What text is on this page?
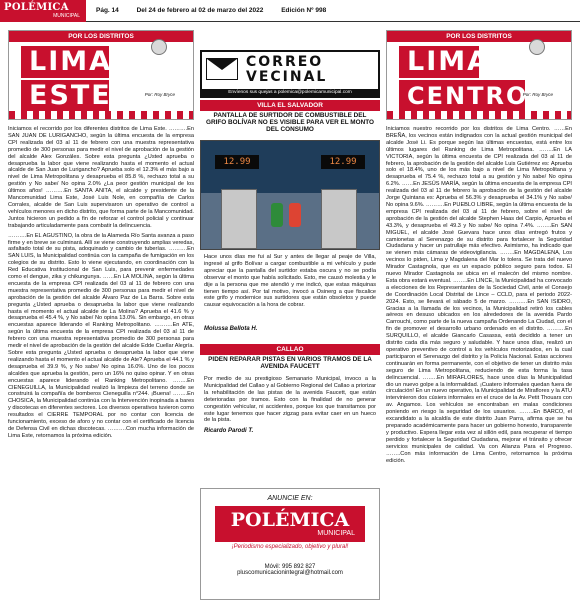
POLÉMICA
MUNICIPAL
Pág. 14	Del 24 de febrero al 02 de marzo del 2022	Edición Nº 998
POR LOS DISTRITOS
LIMA
ESTE	Por: Roy Bryce

Iniciamos el recorrido por los diferentes distritos de Lima Este. ……….En SAN JUAN DE LURIGANCHO, según la última encuesta de la empresa CPI realizada del 03 al 11 de febrero con una muestra representativa promedio de 300 personas para medir el nivel de aprobación de la gestión del alcalde Alex Gonzáles. Sobre esta pregunta ¿Usted aprueba o desaprueba la labor que viene realizando hasta el momento el actual alcalde de San Juan de Lurigancho? Aprueba solo el 12.3% el más bajo a nivel de Lima Metropolitana y desaprueba el 85.8 %, rechazo total a su gestión y No sabe/ No opina 2.0% ¿La peor gestión municipal de los últimos años! ……….En SANTA ANITA, el alcalde y presidente de la Mancomunidad Lima Este, José Luis Nole, en compañía de Carlos Corrales, alcalde de San Luis supervisaron un operativo de control a vehículos menores en dicho distrito, que forma parte de la Mancomunidad. Juntos hicieron un pedido a fin de reforzar el control policial y continuar trabajando articuladamente para combatir la delincuencia.

……….En EL AGUSTINO, la obra de la Alameda Río Santa avanza a paso firme y en breve se culminará. Allí se viene construyendo amplias veredas, asfaltado total de su pista, adoquinado y cambio de tuberías. ……….En SAN LUIS, la Municipalidad continúa con la campaña de fumigación en los colegios de su distrito. Esto lo viene ejecutando, en coordinación con la Red Educativa Institucional de San Luis, para prevenir enfermedades como el dengue, zika y chikungunya. ……En LA MOLINA, según la última encuesta de la empresa CPI realizada del 03 al 11 de febrero con una muestra representativa promedio de 300 personas para medir el nivel de aprobación de la gestión del alcalde Álvaro Paz de La Barra. Sobre esta pregunta ¿Usted aprueba o desaprueba la labor que viene realizando hasta el momento el actual alcalde de La Molina? Aprueba el 41.6 % y desaprueba el 45.4 %, y No sabe/ No opina 13.0%. Sin embargo, en otras encuestas aparece liderando el Ranking Metropolitano. ……….En ATE, según la última encuesta de la empresa CPI realizada del 03 al 11 de febrero con una muestra representativa promedio de 300 personas para medir el nivel de aprobación de la gestión del alcalde Edde Cuellar Alegría. Sobre esta pregunta ¿Usted aprueba o desaprueba la labor que viene realizando hasta el momento el actual alcalde de Ate? Aprueba el 44.1 % y desaprueba el 39.9 %, y No sabe/ No opina 16.0%. Uno de los pocos alcaldes que aprueba la gestión, pero un 16% no quiso opinar. Y en otras encuestas aparece liderando el Ranking Metropolitano. ……..En CIENEGUILLA, la Municipalidad realizó la limpieza del terreno donde se construirá la compañía de bomberos Cieneguilla n°244. ¡Buena! ……..En CHOSICA, la Municipalidad continúa con la Intervención inopinada a bares y discotecas en diferentes sectores. Los diversos operativos tuvieron como resultados el CIERRE TEMPORAL por no contar con licencia de funcionamiento, exceso de aforo y no contar con el certificado de licencia de Defensa Civil en dichas discotecas. ……….Con mucha información de Lima Este, retornamos la próxima edición.

CORREO
VECINAL
Envíenos sus quejas a polemica@polemicamunicipal.com
VILLA EL SALVADOR
PANTALLA DE SURTIDOR DE COMBUSTIBLE DEL GRIFO BOLÍVAR NO ES VISIBLE PARA VER EL MONTO DEL CONSUMO
12.99	12.99
Hace unos días me fui al Sur y antes de llegar al peaje de Villa, ingresé al grifo Bolívar a cargar combustible a mi vehículo y pude apreciar que la pantalla del surtidor estaba oscura y no se podía observar el monto que había solicitado. Esto, me causó molestia y le dije a la persona que me atendió y me indicó, que estas máquinas tienen tiempo así. Por tal motivo, invocó a Osinerg a que fiscalice este grifo y modernice sus surtidores que están obsoletos y puede causar equivocación a la hora de cobrar.
Molussa Bellota H.
CALLAO
PIDEN REPARAR PISTAS EN VARIOS TRAMOS DE LA AVENIDA FAUCETT
Por medio de su prestigioso Semanario Municipal, invoco a la Municipalidad del Callao y al Gobierno Regional del Callao a priorizar la rehabilitación de las pistas de la avenida Faucett, que están deterioradas por tramos. Esto con la finalidad de no generar congestión vehicular, ni accidentes, porque los que transitamos por este lugar tenemos que hacer zigzag para evitar caer en un hueco de la pista.
Ricardo Parodi T.
ANUNCIE EN:
POLÉMICA
MUNICIPAL
¡Periodismo especializado, objetivo y plural!
Móvil: 995 892 827
pluscomunicacionintegral@hotmail.com
POR LOS DISTRITOS
LIMA
CENTRO
Por: Roy Bryce

Iniciamos nuestro recorrido por los distritos de Lima Centro. ……En BREÑA, los vecinos están indignados con la actual gestión municipal del alcalde José Li. Es porque según las últimas encuestas, está entre los últimos lugares del Ranking de Lima Metropolitana. ……..En LA VICTORIA, según la última encuesta de CPI realizada del 03 al 11 de febrero, la aprobación de la gestión del alcalde Luis Gutiérrez es: Aprueba solo el 18.4%, uno de los más bajo a nivel de Lima Metropolitana y desaprueba el 75.4 %, rechazo total a su gestión y No sabe/ No opina 6.2%. ……En JESÚS MARÍA, según la última encuesta de la empresa CPI realizada del 03 al 11 de febrero la aprobación de la gestión del alcalde Jorge Quintana es: Aprueba el 56.3% y desaprueba el 34.1% y No sabe/ No opina 9.6%. ……….En PUEBLO LIBRE, según la última encuesta de la empresa CPI realizada del 03 al 11 de febrero, sobre el nivel de aprobación de la gestión del alcalde Stephen Haas del Carpio, Aprueba el 43.3%, y desaprueba el 49.3 y No sabe/ No opina 7.4%. ……..En SAN MIGUEL, el alcalde José Guevara hace unos días entregó frutos y camionetas al Serenazgo de su distrito para fortalecer la Seguridad Ciudadana y hacer un patrullaje más efectivo. Asimismo, ha indicado que se vienen más cámaras de videovigilancia. ……..En MAGDALENA, Los vecinos lo piden, Lima y Magdalena del Mar lo tolera. Se trata del nuevo Mirador Castagnola, que es un espacio público seguro para todos. El nuevo Mirador Castagnola se ubica en el malecón del mismo nombre. Esta obra estará eventual. ……..En LINCE, la Municipalidad ha convocado a elecciones de los Representantes de la Sociedad Civil, ante el Consejo de Coordinación Local Distrital de Lince – CCLD, para el periodo 2022-2024. Esto, se llevará el sábado 5 de marzo. ……….En SAN ISIDRO, Gracias a la llamada de los vecinos, la Municipalidad retiró los cables aéreos en desuso ubicados en los alrededores de la avenida Pardo Carrouchi, como parte de la nueva campaña Ordenando La Ciudad, con el fin de promover el desarrollo urbano ordenado en el distrito. ……….En SURQUILLO, el alcalde Giancarlo Casassa, está decidido a tener un distrito cada día más seguro y saludable. Y hace unos días, realizó un operativo preventivo de control a los vehículos motorizados, en la cual participaron el Serenazgo del distrito y la Policía Nacional. Estas acciones continuarán en forma permanente, con el objetivo de tener un distrito más seguro de Lima Metropolitana, reduciendo de esta forma la tasa delincuencial. ……..En MIRAFLORES, hace unos días la Municipalidad dio un nuevo golpe a la informalidad. ¡Cuatero informales quedan fuera de circulación! En un nuevo operativo, la Municipalidad de Miraflores y la ATU intervinieron dos cúsiers informales en el cruce de la Av. Petit Thouars con av. Angamos. Los vehículos se encontraban en malas condiciones poniendo en riesgo la seguridad de los usuarios. ……..En BARCO, el excandidato a la alcaldía de este distrito Juan Parra, afirma que se ha preparado académicamente para hacer un gobierno honesto, transparente y productivo. Espera llegar esta vez al sillón edil, para recuperar el tiempo perdido y fortalecer la Seguridad Ciudadana, mejorar el tránsito y ofrecer servicios municipales de calidad. Va con Alianza Para el Progreso. ……..Con más información de Lima Centro, retornamos la próxima edición.
